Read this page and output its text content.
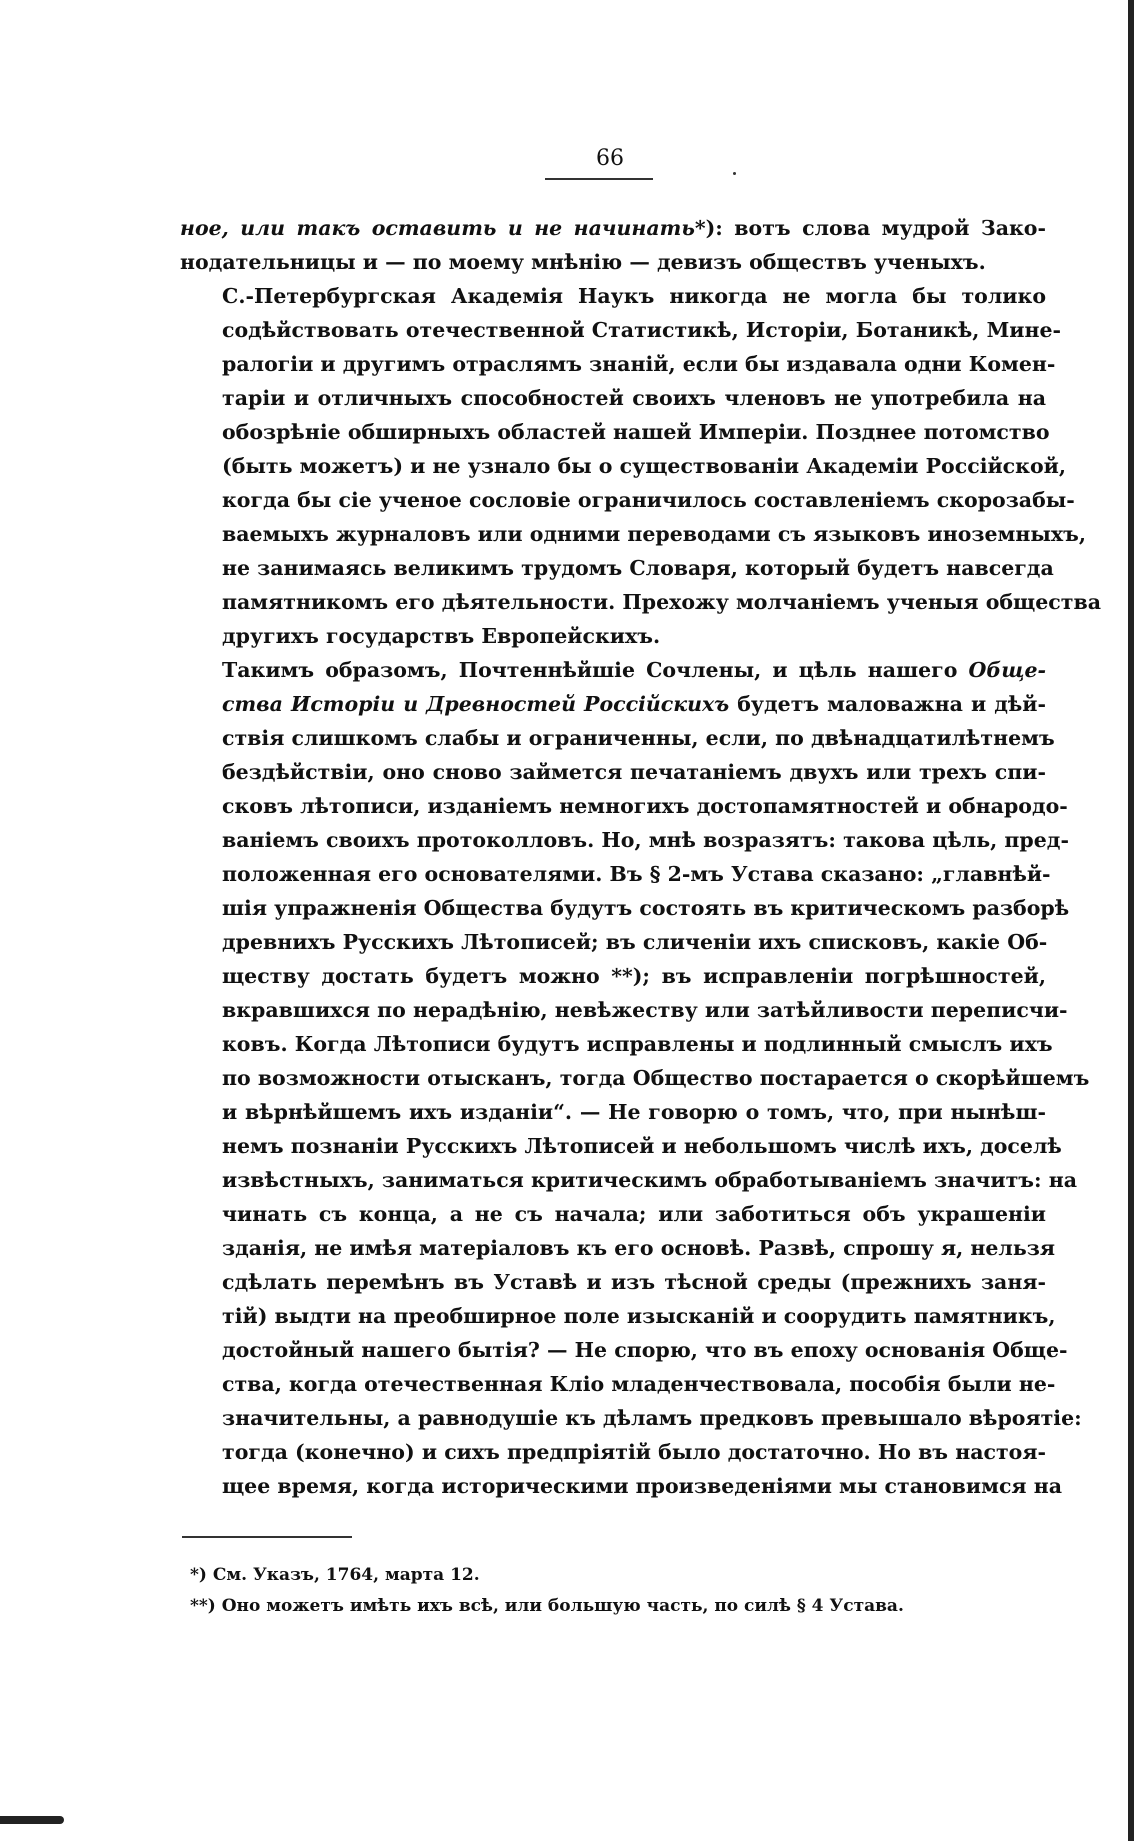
66

ное, или такъ оставить и не начинать*): вотъ слова мудрой Зако-
нодательницы и — по моему мнѣнію — девизъ обществъ ученыхъ.

С.-Петербургская Академія Наукъ никогда не могла бы толико
содѣйствовать отечественной Статистикѣ, Исторіи, Ботаникѣ, Мине-
ралогіи и другимъ отраслямъ знаній, если бы издавала одни Комен-
таріи и отличныхъ способностей своихъ членовъ не употребила на
обозрѣніе обширныхъ областей нашей Имперіи. Позднее потомство
(быть можетъ) и не узнало бы о существованіи Академіи Россійской,
когда бы сіе ученое сословіе ограничилось составленіемъ скорозабы-
ваемыхъ журналовъ или одними переводами съ языковъ иноземныхъ,
не занимаясь великимъ трудомъ Словаря, который будетъ навсегда
памятникомъ его дѣятельности. Прехожу молчаніемъ ученыя общества
другихъ государствъ Европейскихъ.

Такимъ образомъ, Почтеннѣйшіе Сочлены, и цѣль нашего Обще-
ства Исторіи и Древностей Россійскихъ будетъ маловажна и дѣй-
ствія слишкомъ слабы и ограниченны, если, по двѣнадцатилѣтнемъ
бездѣйствіи, оно сново займется печатаніемъ двухъ или трехъ спи-
сковъ лѣтописи, изданіемъ немногихъ достопамятностей и обнародо-
ваніемъ своихъ протоколловъ. Но, мнѣ возразятъ: такова цѣль, пред-
положенная его основателями. Въ § 2-мъ Устава сказано: „главнѣй-
шія упражненія Общества будутъ состоять въ критическомъ разборѣ
древнихъ Русскихъ Лѣтописей; въ сличеніи ихъ списковъ, какіе Об-
ществу достать будетъ можно **); въ исправленіи погрѣшностей,
вкравшихся по нерадѣнію, невѣжеству или затѣйливости переписчи-
ковъ. Когда Лѣтописи будутъ исправлены и подлинный смыслъ ихъ
по возможности отысканъ, тогда Общество постарается о скорѣйшемъ
и вѣрнѣйшемъ ихъ изданіи“. — Не говорю о томъ, что, при нынѣш-
немъ познаніи Русскихъ Лѣтописей и небольшомъ числѣ ихъ, доселѣ
извѣстныхъ, заниматься критическимъ обработываніемъ значитъ: на
чинать съ конца, а не съ начала; или заботиться объ украшеніи
зданія, не имѣя матеріаловъ къ его основѣ. Развѣ, спрошу я, нельзя
сдѣлать перемѣнъ въ Уставѣ и изъ тѣсной среды (прежнихъ заня-
тій) выдти на преобширное поле изысканій и соорудить памятникъ,
достойный нашего бытія? — Не спорю, что въ епоху основанія Обще-
ства, когда отечественная Кліо младенчествовала, пособія были не-
значительны, а равнодушіе къ дѣламъ предковъ превышало вѣроятіе:
тогда (конечно) и сихъ предпріятій было достаточно. Но въ настоя-
щее время, когда историческими произведеніями мы становимся на

*) См. Указъ, 1764, марта 12.
**) Оно можетъ имѣть ихъ всѣ, или большую часть, по силѣ § 4 Устава.
